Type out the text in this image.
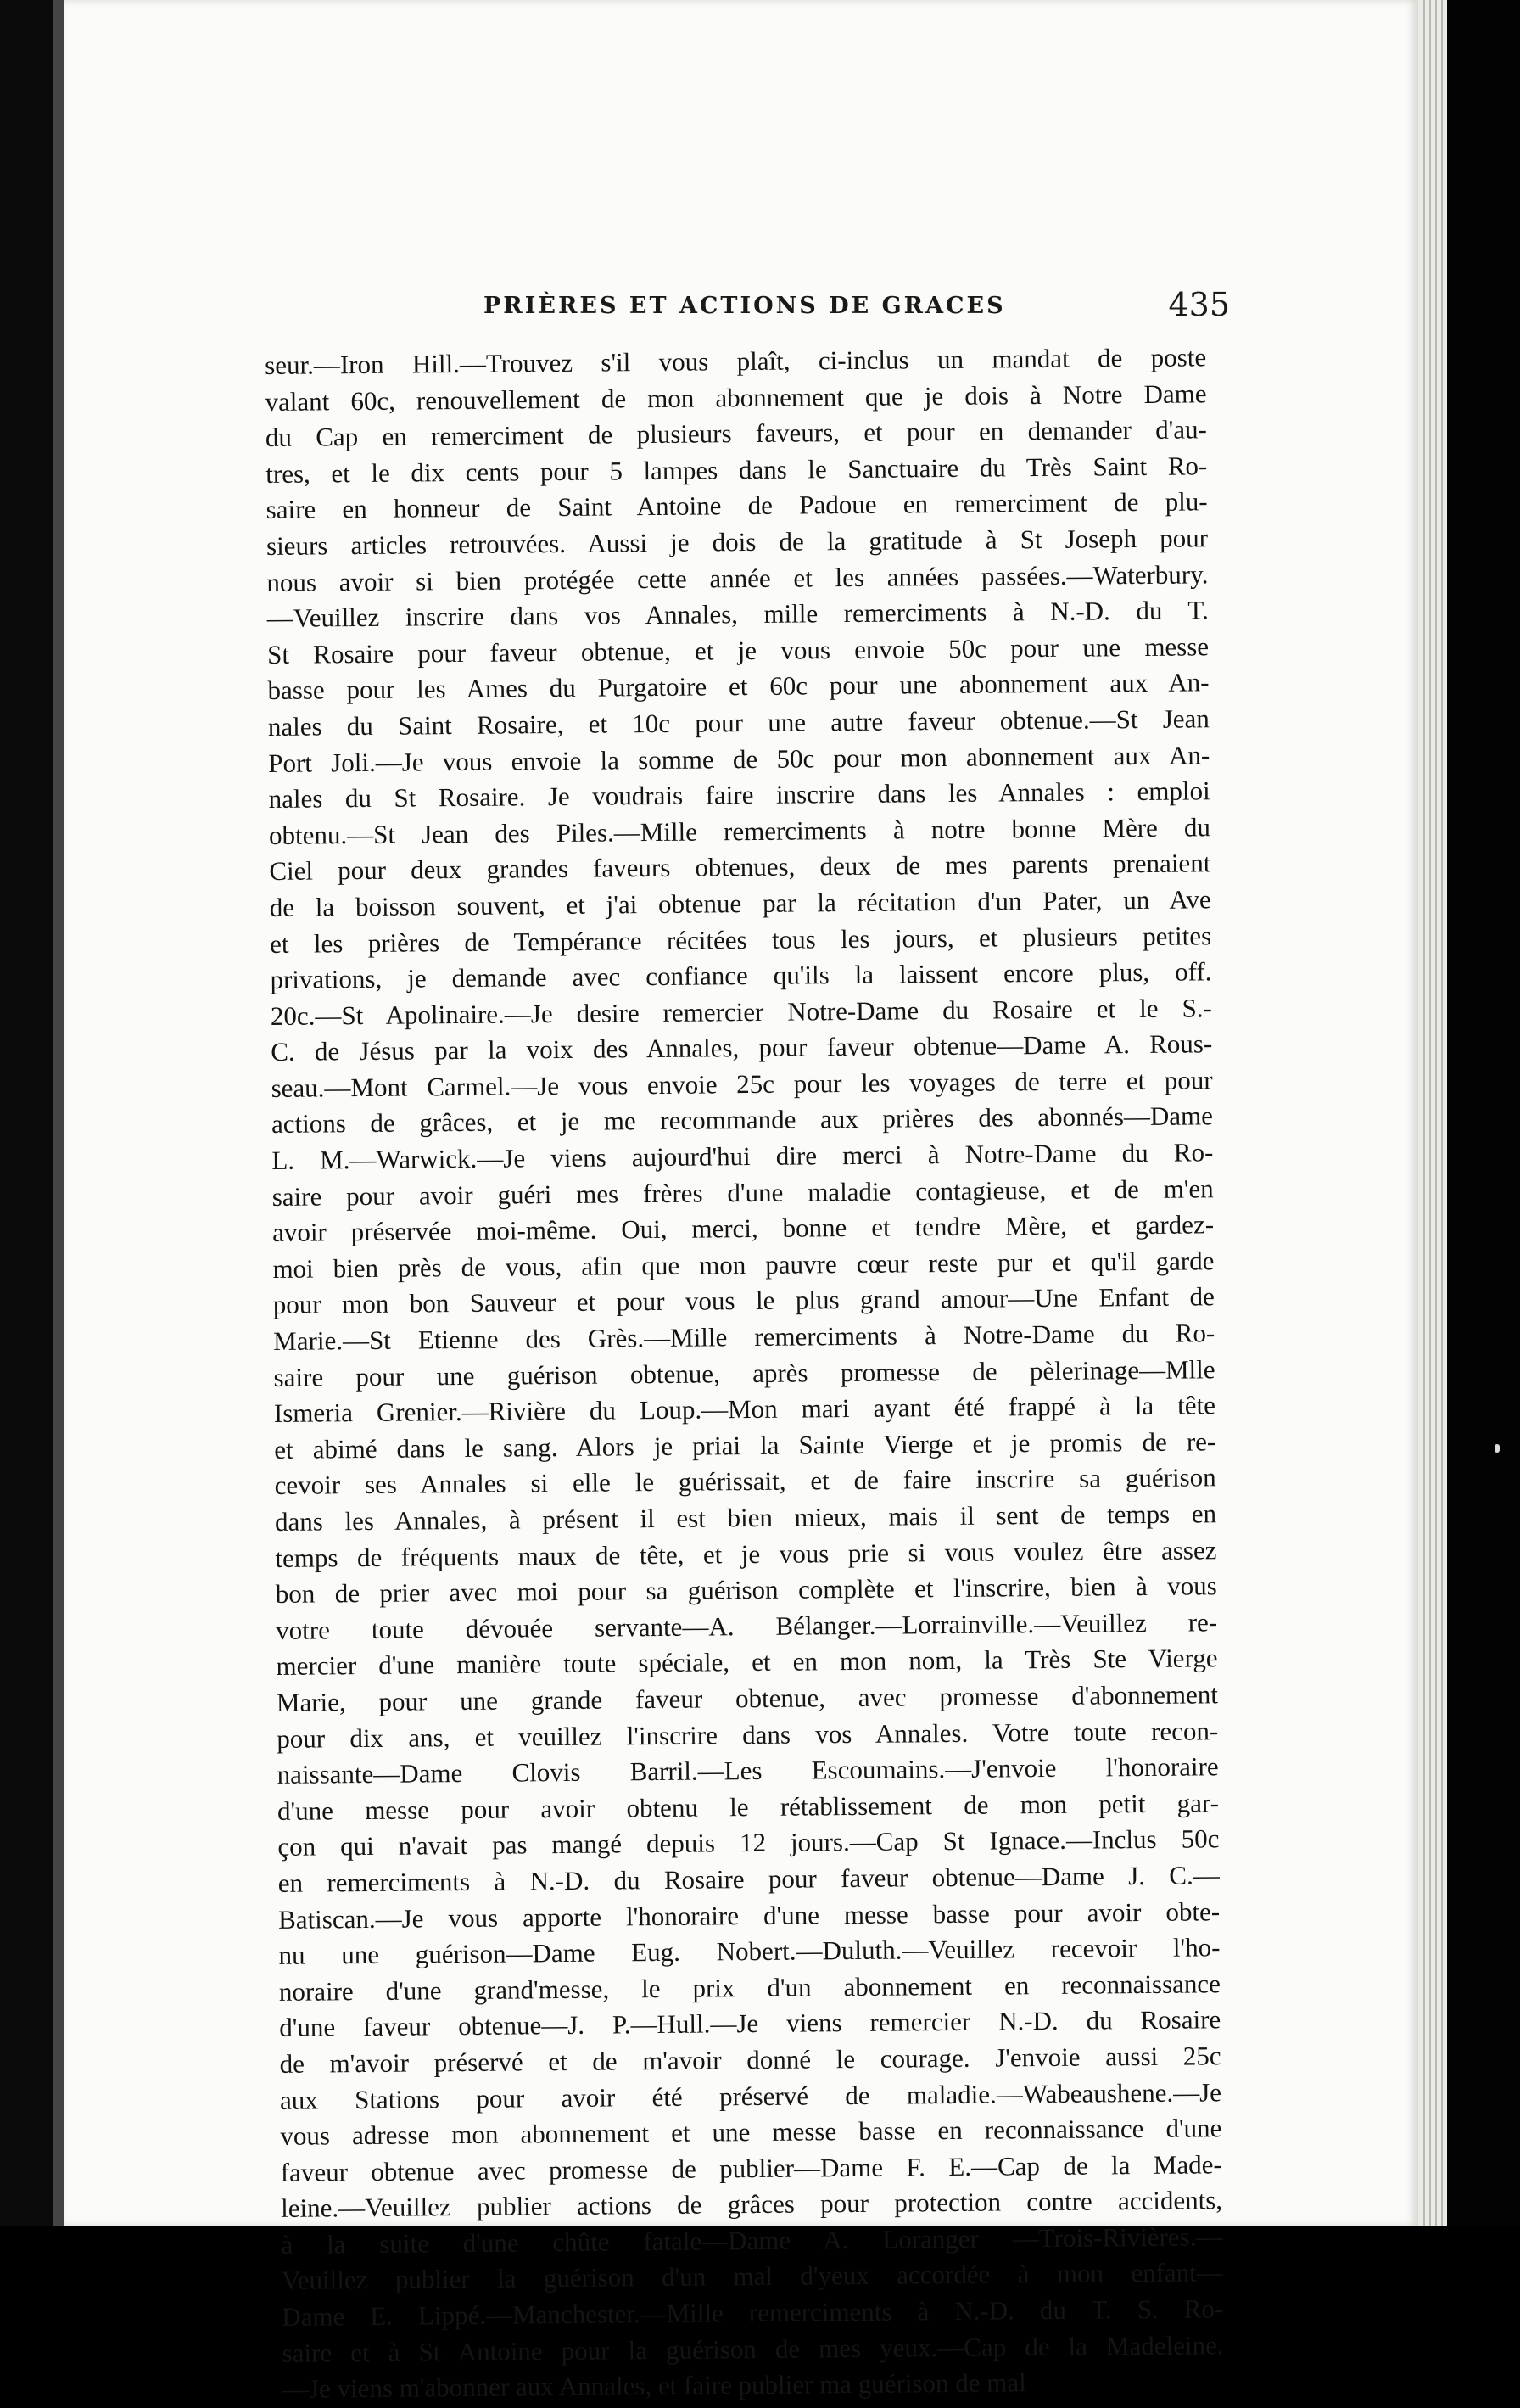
PRIÈRES ET ACTIONS DE GRACES	435
seur.—Iron Hill.—Trouvez s'il vous plaît, ci-inclus un mandat de poste
valant 60c, renouvellement de mon abonnement que je dois à Notre Dame
du Cap en remerciment de plusieurs faveurs, et pour en demander d'au-
tres, et le dix cents pour 5 lampes dans le Sanctuaire du Très Saint Ro-
saire en honneur de Saint Antoine de Padoue en remerciment de plu-
sieurs articles retrouvées. Aussi je dois de la gratitude à St Joseph pour
nous avoir si bien protégée cette année et les années passées.—Waterbury.
—Veuillez inscrire dans vos Annales, mille remerciments à N.-D. du T.
St Rosaire pour faveur obtenue, et je vous envoie 50c pour une messe
basse pour les Ames du Purgatoire et 60c pour une abonnement aux An-
nales du Saint Rosaire, et 10c pour une autre faveur obtenue.—St Jean
Port Joli.—Je vous envoie la somme de 50c pour mon abonnement aux An-
nales du St Rosaire. Je voudrais faire inscrire dans les Annales : emploi
obtenu.—St Jean des Piles.—Mille remerciments à notre bonne Mère du
Ciel pour deux grandes faveurs obtenues, deux de mes parents prenaient
de la boisson souvent, et j'ai obtenue par la récitation d'un Pater, un Ave
et les prières de Tempérance récitées tous les jours, et plusieurs petites
privations, je demande avec confiance qu'ils la laissent encore plus, off.
20c.—St Apolinaire.—Je desire remercier Notre-Dame du Rosaire et le S.-
C. de Jésus par la voix des Annales, pour faveur obtenue—Dame A. Rous-
seau.—Mont Carmel.—Je vous envoie 25c pour les voyages de terre et pour
actions de grâces, et je me recommande aux prières des abonnés—Dame
L. M.—Warwick.—Je viens aujourd'hui dire merci à Notre-Dame du Ro-
saire pour avoir guéri mes frères d'une maladie contagieuse, et de m'en
avoir préservée moi-même. Oui, merci, bonne et tendre Mère, et gardez-
moi bien près de vous, afin que mon pauvre cœur reste pur et qu'il garde
pour mon bon Sauveur et pour vous le plus grand amour—Une Enfant de
Marie.—St Etienne des Grès.—Mille remerciments à Notre-Dame du Ro-
saire pour une guérison obtenue, après promesse de pèlerinage—Mlle
Ismeria Grenier.—Rivière du Loup.—Mon mari ayant été frappé à la tête
et abimé dans le sang. Alors je priai la Sainte Vierge et je promis de re-
cevoir ses Annales si elle le guérissait, et de faire inscrire sa guérison
dans les Annales, à présent il est bien mieux, mais il sent de temps en
temps de fréquents maux de tête, et je vous prie si vous voulez être assez
bon de prier avec moi pour sa guérison complète et l'inscrire, bien à vous
votre toute dévouée servante—A. Bélanger.—Lorrainville.—Veuillez re-
mercier d'une manière toute spéciale, et en mon nom, la Très Ste Vierge
Marie, pour une grande faveur obtenue, avec promesse d'abonnement
pour dix ans, et veuillez l'inscrire dans vos Annales. Votre toute recon-
naissante—Dame Clovis Barril.—Les Escoumains.—J'envoie l'honoraire
d'une messe pour avoir obtenu le rétablissement de mon petit gar-
çon qui n'avait pas mangé depuis 12 jours.—Cap St Ignace.—Inclus 50c
en remerciments à N.-D. du Rosaire pour faveur obtenue—Dame J. C.—
Batiscan.—Je vous apporte l'honoraire d'une messe basse pour avoir obte-
nu une guérison—Dame Eug. Nobert.—Duluth.—Veuillez recevoir l'ho-
noraire d'une grand'messe, le prix d'un abonnement en reconnaissance
d'une faveur obtenue—J. P.—Hull.—Je viens remercier N.-D. du Rosaire
de m'avoir préservé et de m'avoir donné le courage. J'envoie aussi 25c
aux Stations pour avoir été préservé de maladie.—Wabeaushene.—Je
vous adresse mon abonnement et une messe basse en reconnaissance d'une
faveur obtenue avec promesse de publier—Dame F. E.—Cap de la Made-
leine.—Veuillez publier actions de grâces pour protection contre accidents,
à la suite d'une chûte fatale—Dame A. Loranger —Trois-Rivières.—
Veuillez publier la guérison d'un mal d'yeux accordée à mon enfant—
Dame E. Lippé.—Manchester.—Mille remerciments à N.-D. du T. S. Ro-
saire et à St Antoine pour la guérison de mes yeux.—Cap de la Madeleine.
—Je viens m'abonner aux Annales, et faire publier ma guérison de mal
